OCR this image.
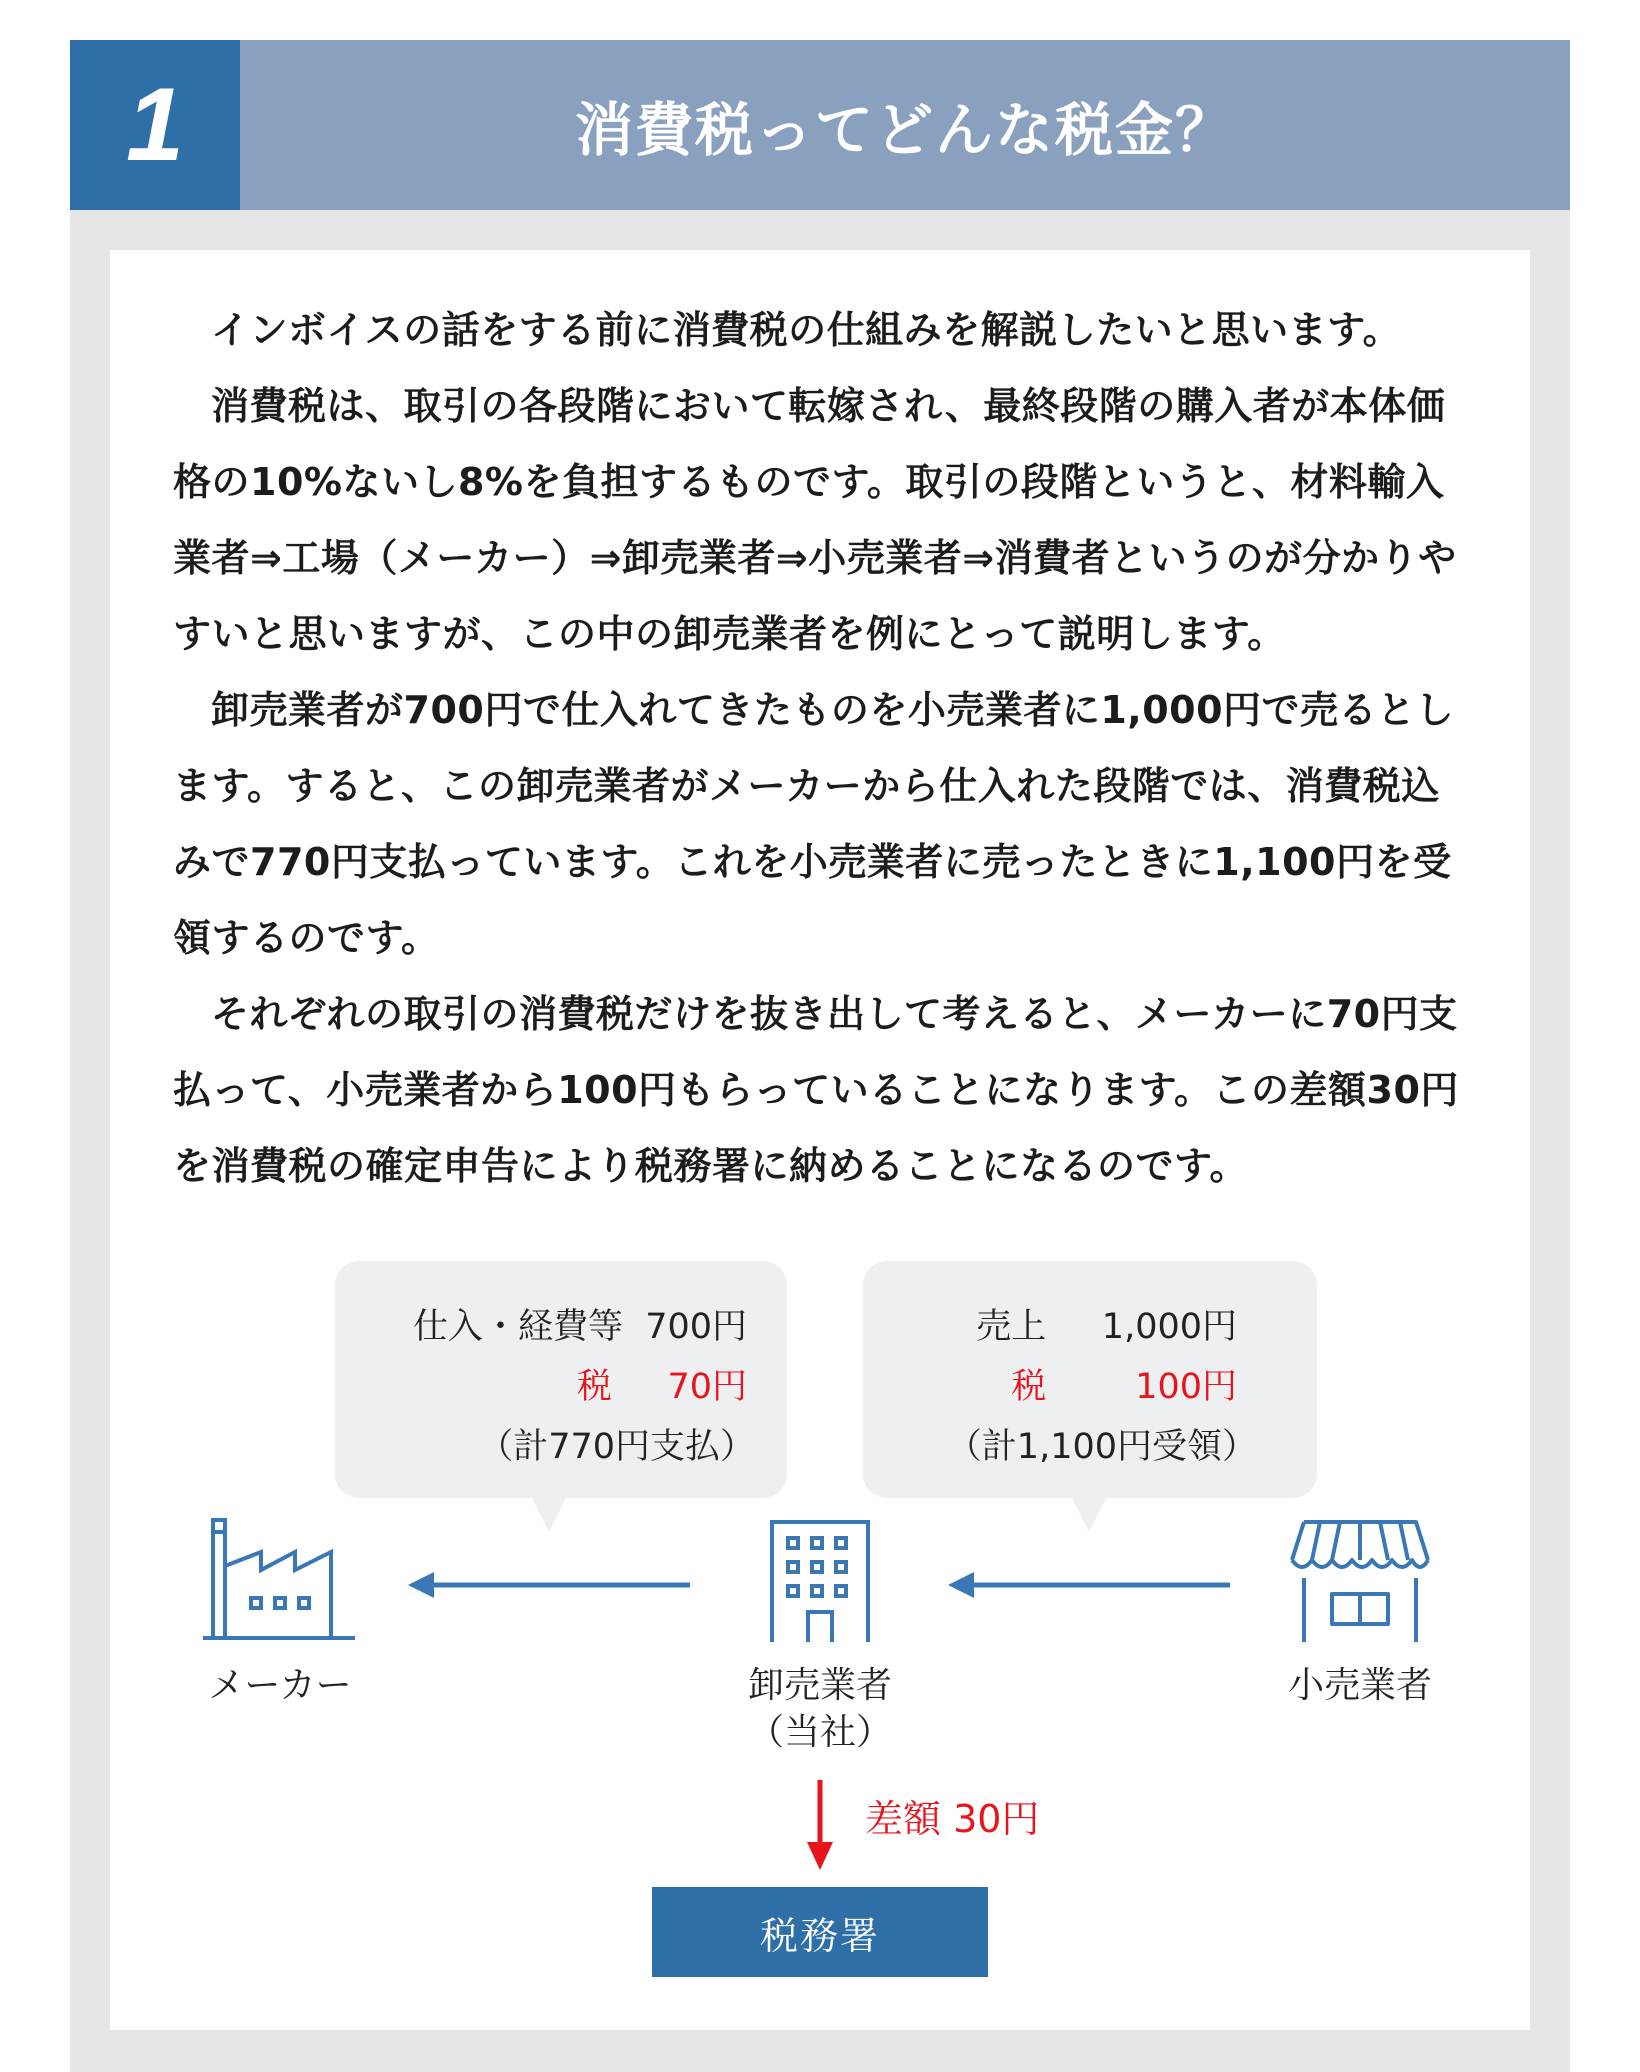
1	消費税ってどんな税金？

インボイスの話をする前に消費税の仕組みを解説したいと思います。

消費税は、取引の各段階において転嫁され、最終段階の購入者が本体価格の10%ないし8%を負担するものです。取引の段階というと、材料輸入業者⇒工場（メーカー）⇒卸売業者⇒小売業者⇒消費者というのが分かりやすいと思いますが、この中の卸売業者を例にとって説明します。

卸売業者が700円で仕入れてきたものを小売業者に1,000円で売るとします。すると、この卸売業者がメーカーから仕入れた段階では、消費税込みで770円支払っています。これを小売業者に売ったときに1,100円を受領するのです。

それぞれの取引の消費税だけを抜き出して考えると、メーカーに70円支払って、小売業者から100円もらっていることになります。この差額30円を消費税の確定申告により税務署に納めることになるのです。

仕入・経費等  700円
税     70円
（計770円支払）
売上     1,000円
税        100円
（計1,100円受領）
メーカー	卸売業者
（当社）
小売業者
差額 30円
税務署
